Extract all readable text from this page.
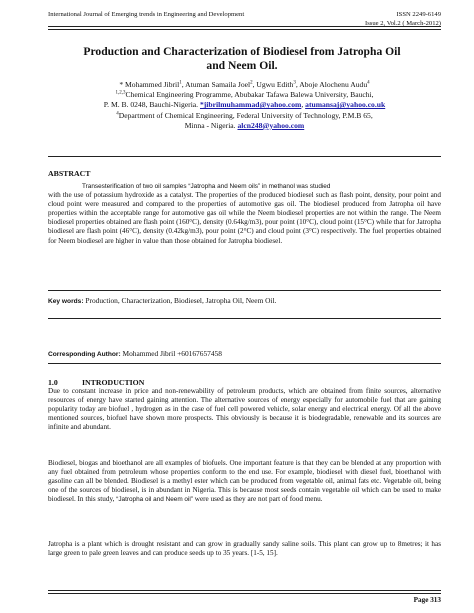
International Journal of Emerging trends in Engineering and Development	ISSN 2249-6149
Issue 2, Vol.2 ( March-2012)
Production and Characterization of Biodiesel from Jatropha Oil
and Neem Oil.
* Mohammed Jibril$^1$, Atuman Samaila Joel$^2$, Ugwu Edith$^3$, Aboje Alochenu Audu$^4$
$^{1,2,3}$Chemical Engineering Programme, Abubakar Tafawa Balewa University, Bauchi,
P. M. B. 0248, Bauchi-Nigeria. *jibrilmuhammad@yahoo.com, atumansaj@yahoo.co.uk
$^4$Department of Chemical Engineering, Federal University of Technology, P.M.B 65,
Minna - Nigeria. alcn248@yahoo.com
ABSTRACT
Transesterification of two oil samples “Jatropha and Neem oils” in methanol was studied
with the use of potassium hydroxide as a catalyst. The properties of the produced biodiesel such as flash point, density, pour point and cloud point were measured and compared to the properties of automotive gas oil. The biodiesel produced from Jatropha oil have properties within the acceptable range for automotive gas oil while the Neem biodiesel properties are not within the range. The Neem biodiesel properties obtained are flash point (160°C), density (0.64kg/m3), pour point (10°C), cloud point (15°C) while that for Jatropha biodiesel are flash point (46°C), density (0.42kg/m3), pour point (2°C) and cloud point (3°C) respectively. The fuel properties obtained for Neem biodiesel are higher in value than those obtained for Jatropha biodiesel.
Key words: Production, Characterization, Biodiesel, Jatropha Oil, Neem Oil.
Corresponding Author: Mohammed Jibril +60167657458
1.0	INTRODUCTION
Due to constant increase in price and non-renewability of petroleum products, which are obtained from finite sources, alternative resources of energy have started gaining attention. The alternative sources of energy especially for automobile fuel that are gaining popularity today are biofuel , hydrogen as in the case of fuel cell powered vehicle, solar energy and electrical energy. Of all the above mentioned sources, biofuel have shown more prospects. This obviously is because it is biodegradable, renewable and its sources are infinite and abundant.
Biodiesel, biogas and bioethanol are all examples of biofuels. One important feature is that they can be blended at any proportion with any fuel obtained from petroleum whose properties conform to the end use. For example, biodiesel with diesel fuel, bioethanol with gasoline can all be blended. Biodiesel is a methyl ester which can be produced from vegetable oil, animal fats etc. Vegetable oil, being one of the sources of biodiesel, is in abundant in Nigeria. This is because most seeds contain vegetable oil which can be used to make biodiesel. In this study, “Jatropha oil and Neem oil” were used as they are not part of food menu.
Jatropha is a plant which is drought resistant and can grow in gradually sandy saline soils. This plant can grow up to 8metres; it has large green to pale green leaves and can produce seeds up to 35 years. [1-5, 15].
Page 313
